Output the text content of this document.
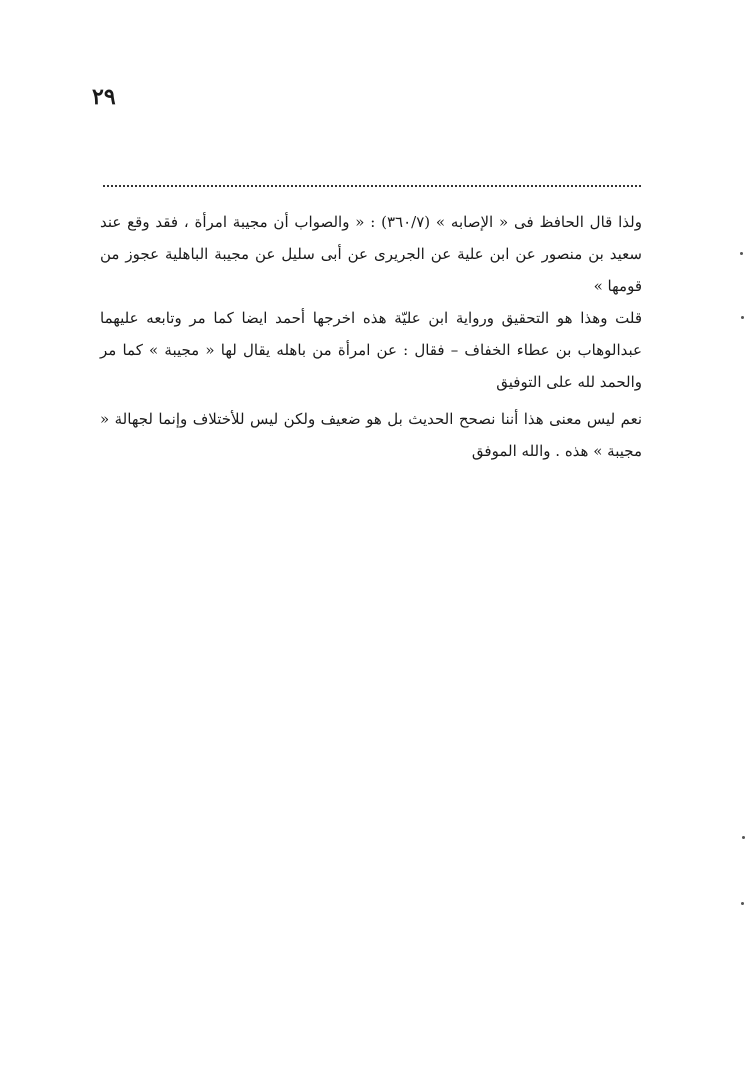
٢٩

ولذا قال الحافظ فى « الإصابه » (٣٦٠/٧) : « والصواب أن مجيبة امرأة ، فقد وقع عند سعيد بن منصور عن ابن علية عن الجريرى عن أبى سليل عن مجيبة الباهلية عجوز من قومها »

قلت وهذا هو التحقيق ورواية ابن عليّة هذه اخرجها أحمد ايضا كما مر وتابعه عليهما عبدالوهاب بن عطاء الخفاف – فقال : عن امرأة من باهله يقال لها « مجيبة » كما مر والحمد لله على التوفيق

نعم ليس معنى هذا أننا نصحح الحديث بل هو ضعيف ولكن ليس للأختلاف وإنما لجهالة « مجيبة » هذه . والله الموفق
